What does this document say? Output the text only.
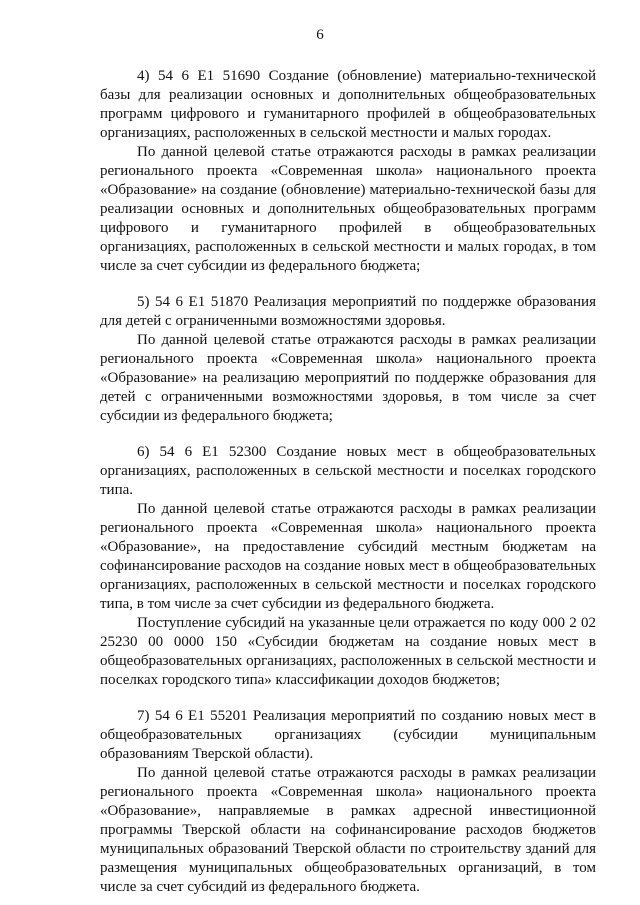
6

4) 54 6 Е1 51690 Создание (обновление) материально-технической базы для реализации основных и дополнительных общеобразовательных программ цифрового и гуманитарного профилей в общеобразовательных организациях, расположенных в сельской местности и малых городах.

По данной целевой статье отражаются расходы в рамках реализации регионального проекта «Современная школа» национального проекта «Образование» на создание (обновление) материально-технической базы для реализации основных и дополнительных общеобразовательных программ цифрового и гуманитарного профилей в общеобразовательных организациях, расположенных в сельской местности и малых городах, в том числе за счет субсидии из федерального бюджета;

5) 54 6 Е1 51870 Реализация мероприятий по поддержке образования для детей с ограниченными возможностями здоровья.

По данной целевой статье отражаются расходы в рамках реализации регионального проекта «Современная школа» национального проекта «Образование» на реализацию мероприятий по поддержке образования для детей с ограниченными возможностями здоровья, в том числе за счет субсидии из федерального бюджета;

6) 54 6 Е1 52300 Создание новых мест в общеобразовательных организациях, расположенных в сельской местности и поселках городского типа.

По данной целевой статье отражаются расходы в рамках реализации регионального проекта «Современная школа» национального проекта «Образование», на предоставление субсидий местным бюджетам на софинансирование расходов на создание новых мест в общеобразовательных организациях, расположенных в сельской местности и поселках городского типа, в том числе за счет субсидии из федерального бюджета.

Поступление субсидий на указанные цели отражается по коду 000 2 02 25230 00 0000 150 «Субсидии бюджетам на создание новых мест в общеобразовательных организациях, расположенных в сельской местности и поселках городского типа» классификации доходов бюджетов;

7) 54 6 Е1 55201 Реализация мероприятий по созданию новых мест в общеобразовательных организациях (субсидии муниципальным образованиям Тверской области).

По данной целевой статье отражаются расходы в рамках реализации регионального проекта «Современная школа» национального проекта «Образование», направляемые в рамках адресной инвестиционной программы Тверской области на софинансирование расходов бюджетов муниципальных образований Тверской области по строительству зданий для размещения муниципальных общеобразовательных организаций, в том числе за счет субсидий из федерального бюджета.
